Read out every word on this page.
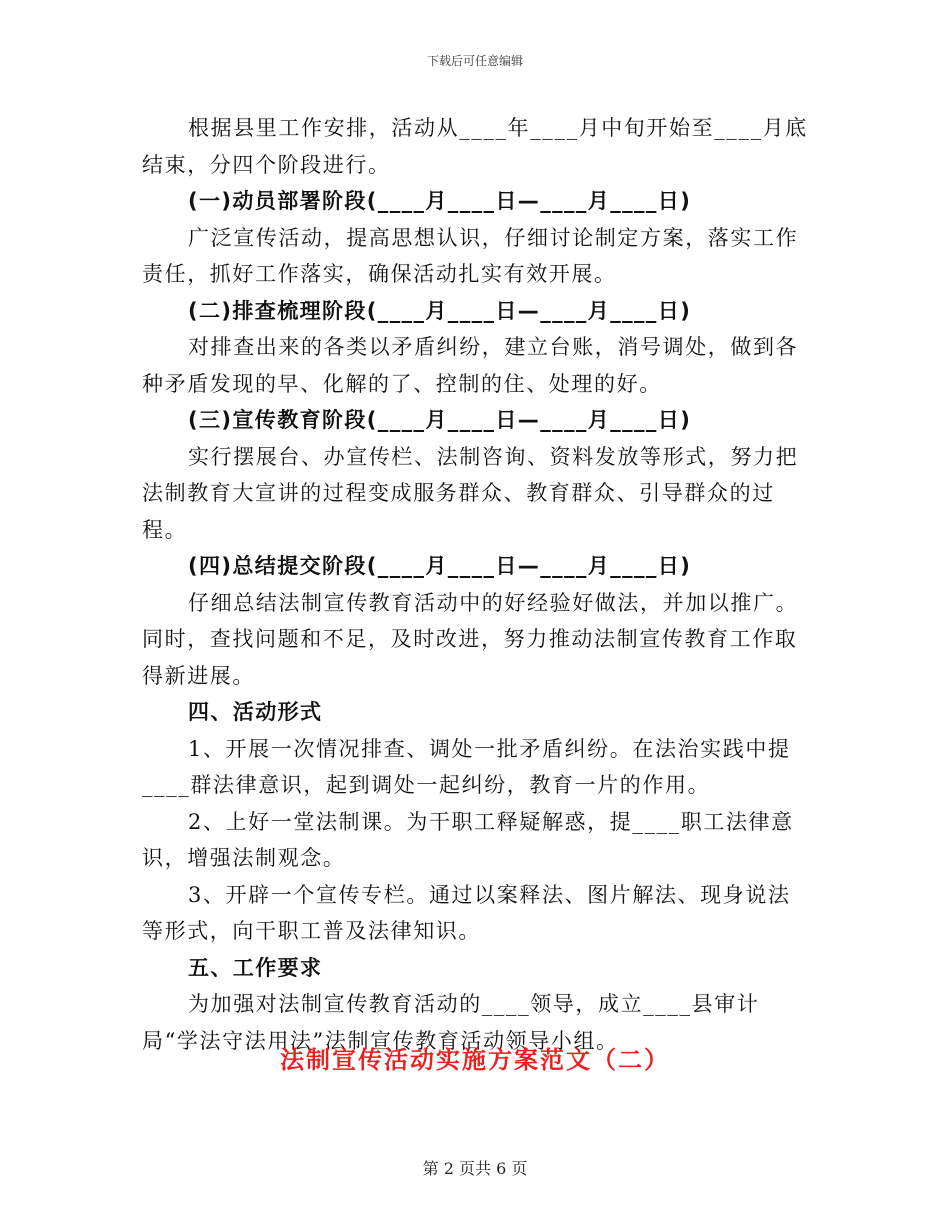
下载后可任意编辑

根据县里工作安排，活动从____年____月中旬开始至____月底结束，分四个阶段进行。

(一)动员部署阶段(____月____日—____月____日)

广泛宣传活动，提高思想认识，仔细讨论制定方案，落实工作责任，抓好工作落实，确保活动扎实有效开展。

(二)排查梳理阶段(____月____日—____月____日)

对排查出来的各类以矛盾纠纷，建立台账，消号调处，做到各种矛盾发现的早、化解的了、控制的住、处理的好。

(三)宣传教育阶段(____月____日—____月____日)

实行摆展台、办宣传栏、法制咨询、资料发放等形式，努力把法制教育大宣讲的过程变成服务群众、教育群众、引导群众的过程。

(四)总结提交阶段(____月____日—____月____日)

仔细总结法制宣传教育活动中的好经验好做法，并加以推广。同时，查找问题和不足，及时改进，努力推动法制宣传教育工作取得新进展。

四、活动形式

1、开展一次情况排查、调处一批矛盾纠纷。在法治实践中提____群法律意识，起到调处一起纠纷，教育一片的作用。

2、上好一堂法制课。为干职工释疑解惑，提____职工法律意识，增强法制观念。

3、开辟一个宣传专栏。通过以案释法、图片解法、现身说法等形式，向干职工普及法律知识。

五、工作要求

为加强对法制宣传教育活动的____领导，成立____县审计局“学法守法用法”法制宣传教育活动领导小组。

法制宣传活动实施方案范文（二）
第 2 页共 6 页
